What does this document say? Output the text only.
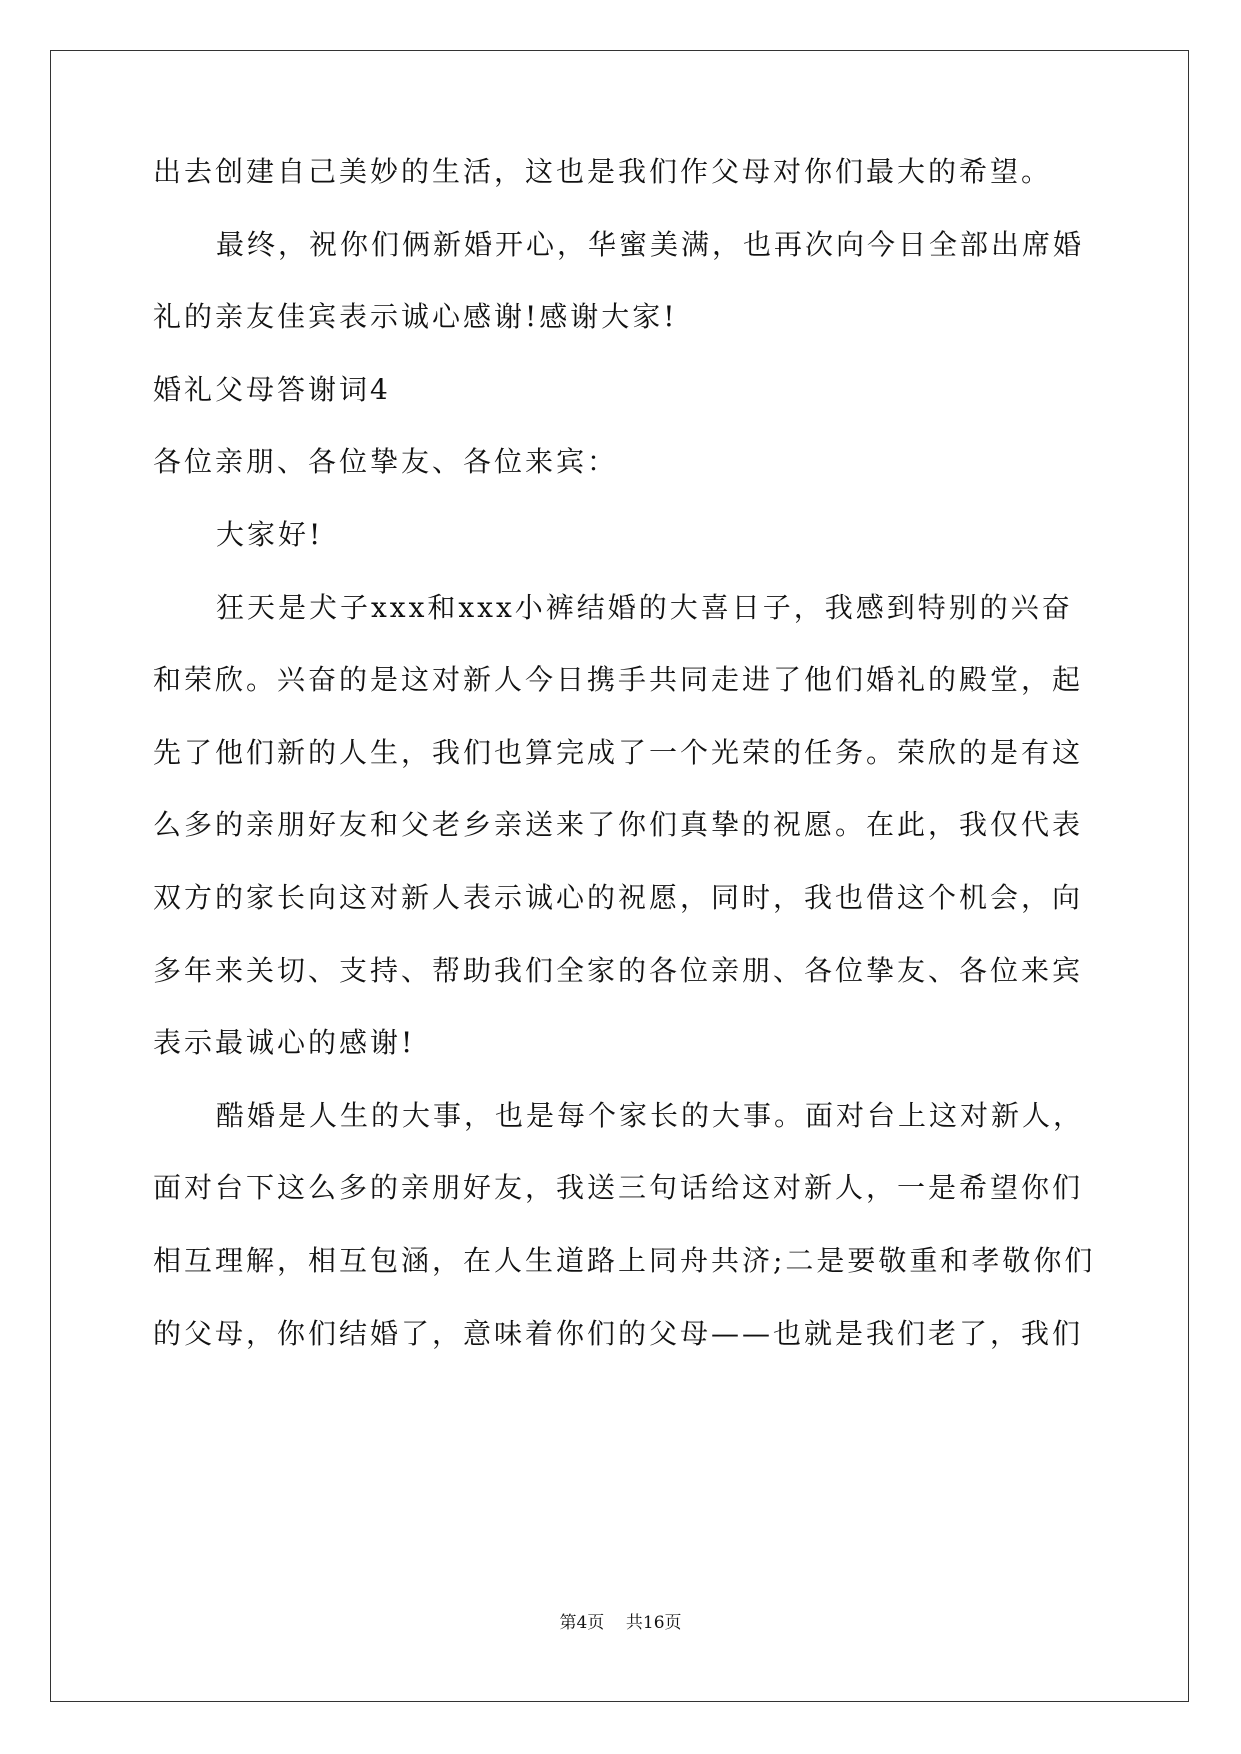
出去创建自己美妙的生活，这也是我们作父母对你们最大的希望。
最终，祝你们俩新婚开心，华蜜美满，也再次向今日全部出席婚
礼的亲友佳宾表示诚心感谢!感谢大家!
婚礼父母答谢词4
各位亲朋、各位挚友、各位来宾：
大家好!
狂天是犬子xxx和xxx小裤结婚的大喜日子，我感到特别的兴奋
和荣欣。兴奋的是这对新人今日携手共同走进了他们婚礼的殿堂，起
先了他们新的人生，我们也算完成了一个光荣的任务。荣欣的是有这
么多的亲朋好友和父老乡亲送来了你们真挚的祝愿。在此，我仅代表
双方的家长向这对新人表示诚心的祝愿，同时，我也借这个机会，向
多年来关切、支持、帮助我们全家的各位亲朋、各位挚友、各位来宾
表示最诚心的感谢!
酷婚是人生的大事，也是每个家长的大事。面对台上这对新人，
面对台下这么多的亲朋好友，我送三句话给这对新人，一是希望你们
相互理解，相互包涵，在人生道路上同舟共济;二是要敬重和孝敬你们
的父母，你们结婚了，意味着你们的父母——也就是我们老了，我们
第4页    共16页
